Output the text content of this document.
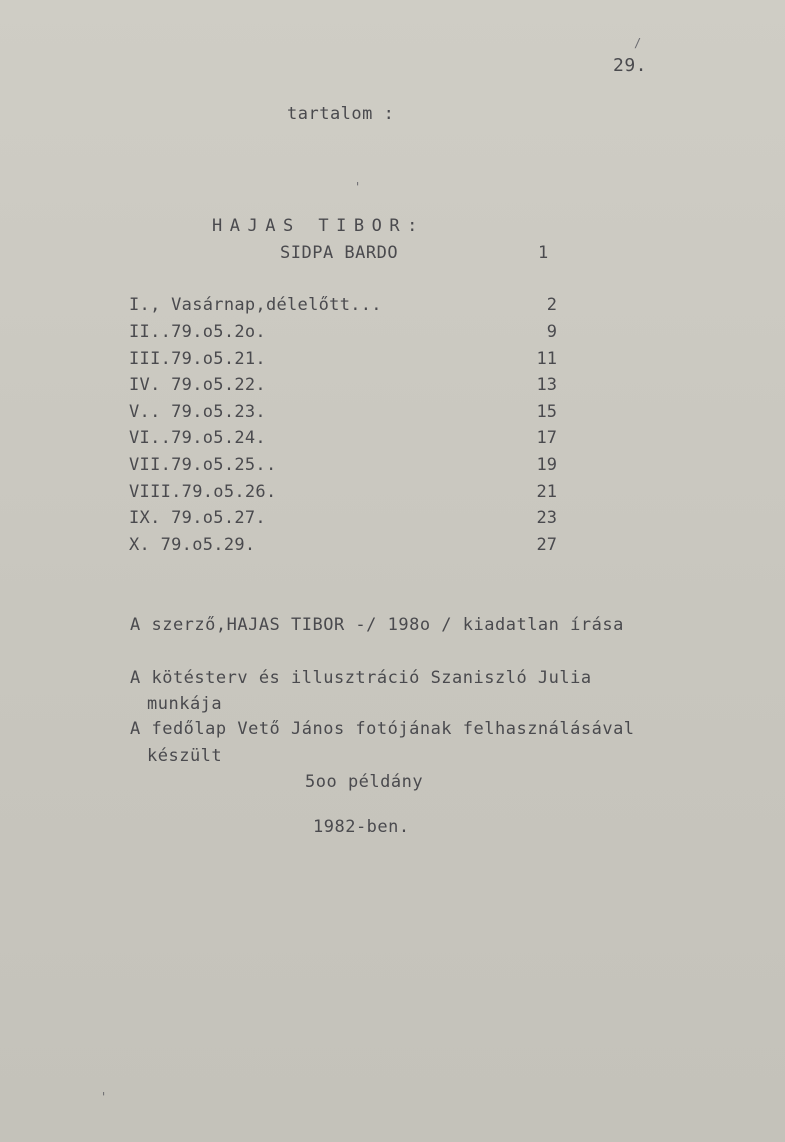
29.
tartalom :
HAJAS TIBOR:
SIDPA BARDO	1
I., Vasárnap,délelőtt...	2
II..79.o5.2o.	9
III.79.o5.21.	11
IV. 79.o5.22.	13
V.. 79.o5.23.	15
VI..79.o5.24.	17
VII.79.o5.25..	19
VIII.79.o5.26.	21
IX. 79.o5.27.	23
X. 79.o5.29.	27
A szerző,HAJAS TIBOR -/ 198o / kiadatlan írása
A kötésterv és illusztráció Szaniszló Julia
munkája
A fedőlap Vető János fotójának felhasználásával
készült
5oo példány
1982-ben.
/
'
'
